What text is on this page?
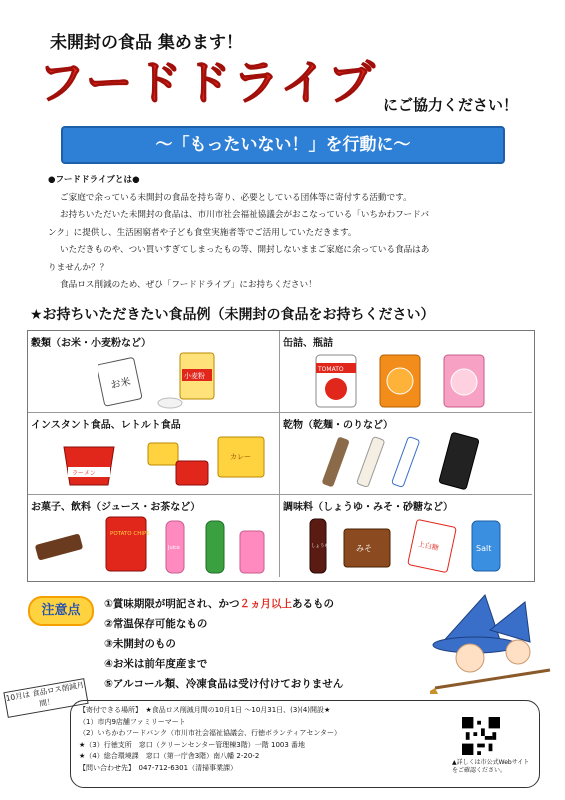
未開封の食品 集めます！
フードドライブ にご協力ください！
～「もったいない！」を行動に～

●フードドライブとは●

ご家庭で余っている未開封の食品を持ち寄り、必要としている団体等に寄付する活動です。

お持ちいただいた未開封の食品は、市川市社会福祉協議会がおこなっている「いちかわフードバ

ンク」に提供し、生活困窮者や子ども食堂実施者等でご活用していただきます。

いただきものや、つい買いすぎてしまったもの等、開封しないままご家庭に余っている食品はあ

りませんか？？

食品ロス削減のため、ぜひ「フードドライブ」にお持ちください！

★お持ちいただきたい食品例（未開封の食品をお持ちください）
穀類（お米・小麦粉など）
お米
小麦粉
缶詰、瓶詰
TOMATO
インスタント食品、レトルト食品
ラーメン
カレー
乾物（乾麺・のりなど）
お菓子、飲料（ジュース・お茶など）
POTATO CHIPS
Juice
調味料（しょうゆ・みそ・砂糖など）
しょうゆ	みそ	上白糖	Salt
注意点	①賞味期限が明記され、かつ２ヵ月以上あるもの
②常温保存可能なもの
③未開封のもの
④お米は前年度産まで
⑤アルコール類、冷凍食品は受け付けておりません
10月は 食品ロス削減月間！
【寄付できる場所】　★食品ロス削減月間の10月1日 ～10月31日、(3)(4)開設★
（1）市内9店舗ファミリーマート
（2）いちかわフードバンク（市川市社会福祉協議会、行徳ボランティアセンター）
★（3）行徳支所　窓口（クリーンセンター管理棟3階）一階 1003 番地
★（4）総合環境課　窓口（第一庁舎3階）南八幡 2-20-2
【問い合わせ先】　047-712-6301（清掃事業課）
▲詳しくは市公式Webサイトをご確認ください。
